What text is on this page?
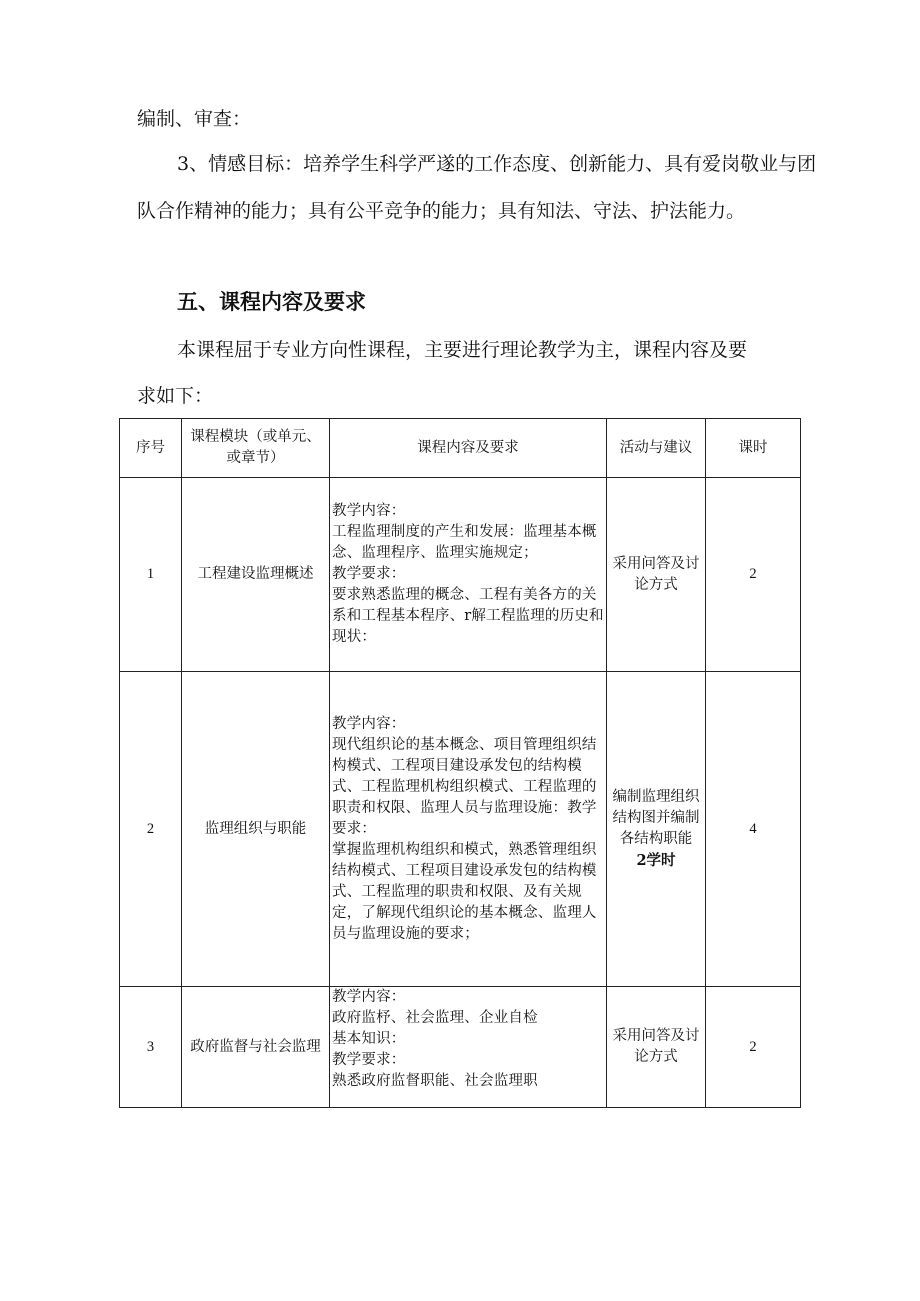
编制、审查：

3、情感目标：培养学生科学严遂的工作态度、创新能力、具有爱岗敬业与团队合作精神的能力；具有公平竞争的能力；具有知法、守法、护法能力。

五、课程内容及要求

本课程屈于专业方向性课程，主要进行理论教学为主，课程内容及要求如下：

序号	课程模块（或单元、或章节）	课程内容及要求	活动与建议	课时
1	工程建设监理概述	教学内容：
工程监理制度的产生和发展：监理基本概念、监理程序、监理实施规定；
教学要求：
要求熟悉监理的概念、工程有美各方的关系和工程基本程序、r解工程监理的历史和现状：	采用问答及讨论方式	2
2	监理组织与职能	教学内容：
现代组织论的基本概念、项目管理组织结构模式、工程项目建设承发包的结构模式、工程监理机构组织模式、工程监理的职责和权限、监理人员与监理设施：教学要求：
掌握监理机构组织和模式，熟悉管理组织结构模式、工程项目建设承发包的结构模式、工程监理的职贵和权限、及有关规定，了解现代组织论的基本概念、监理人员与监理设施的要求；	编制监理组织结构图并编制各结构职能
2学时	4
3	政府监督与社会监理	教学内容：
政府监杼、社会监理、企业自检
基本知识：
教学要求：
熟悉政府监督职能、社会监理职	采用问答及讨论方式	2
